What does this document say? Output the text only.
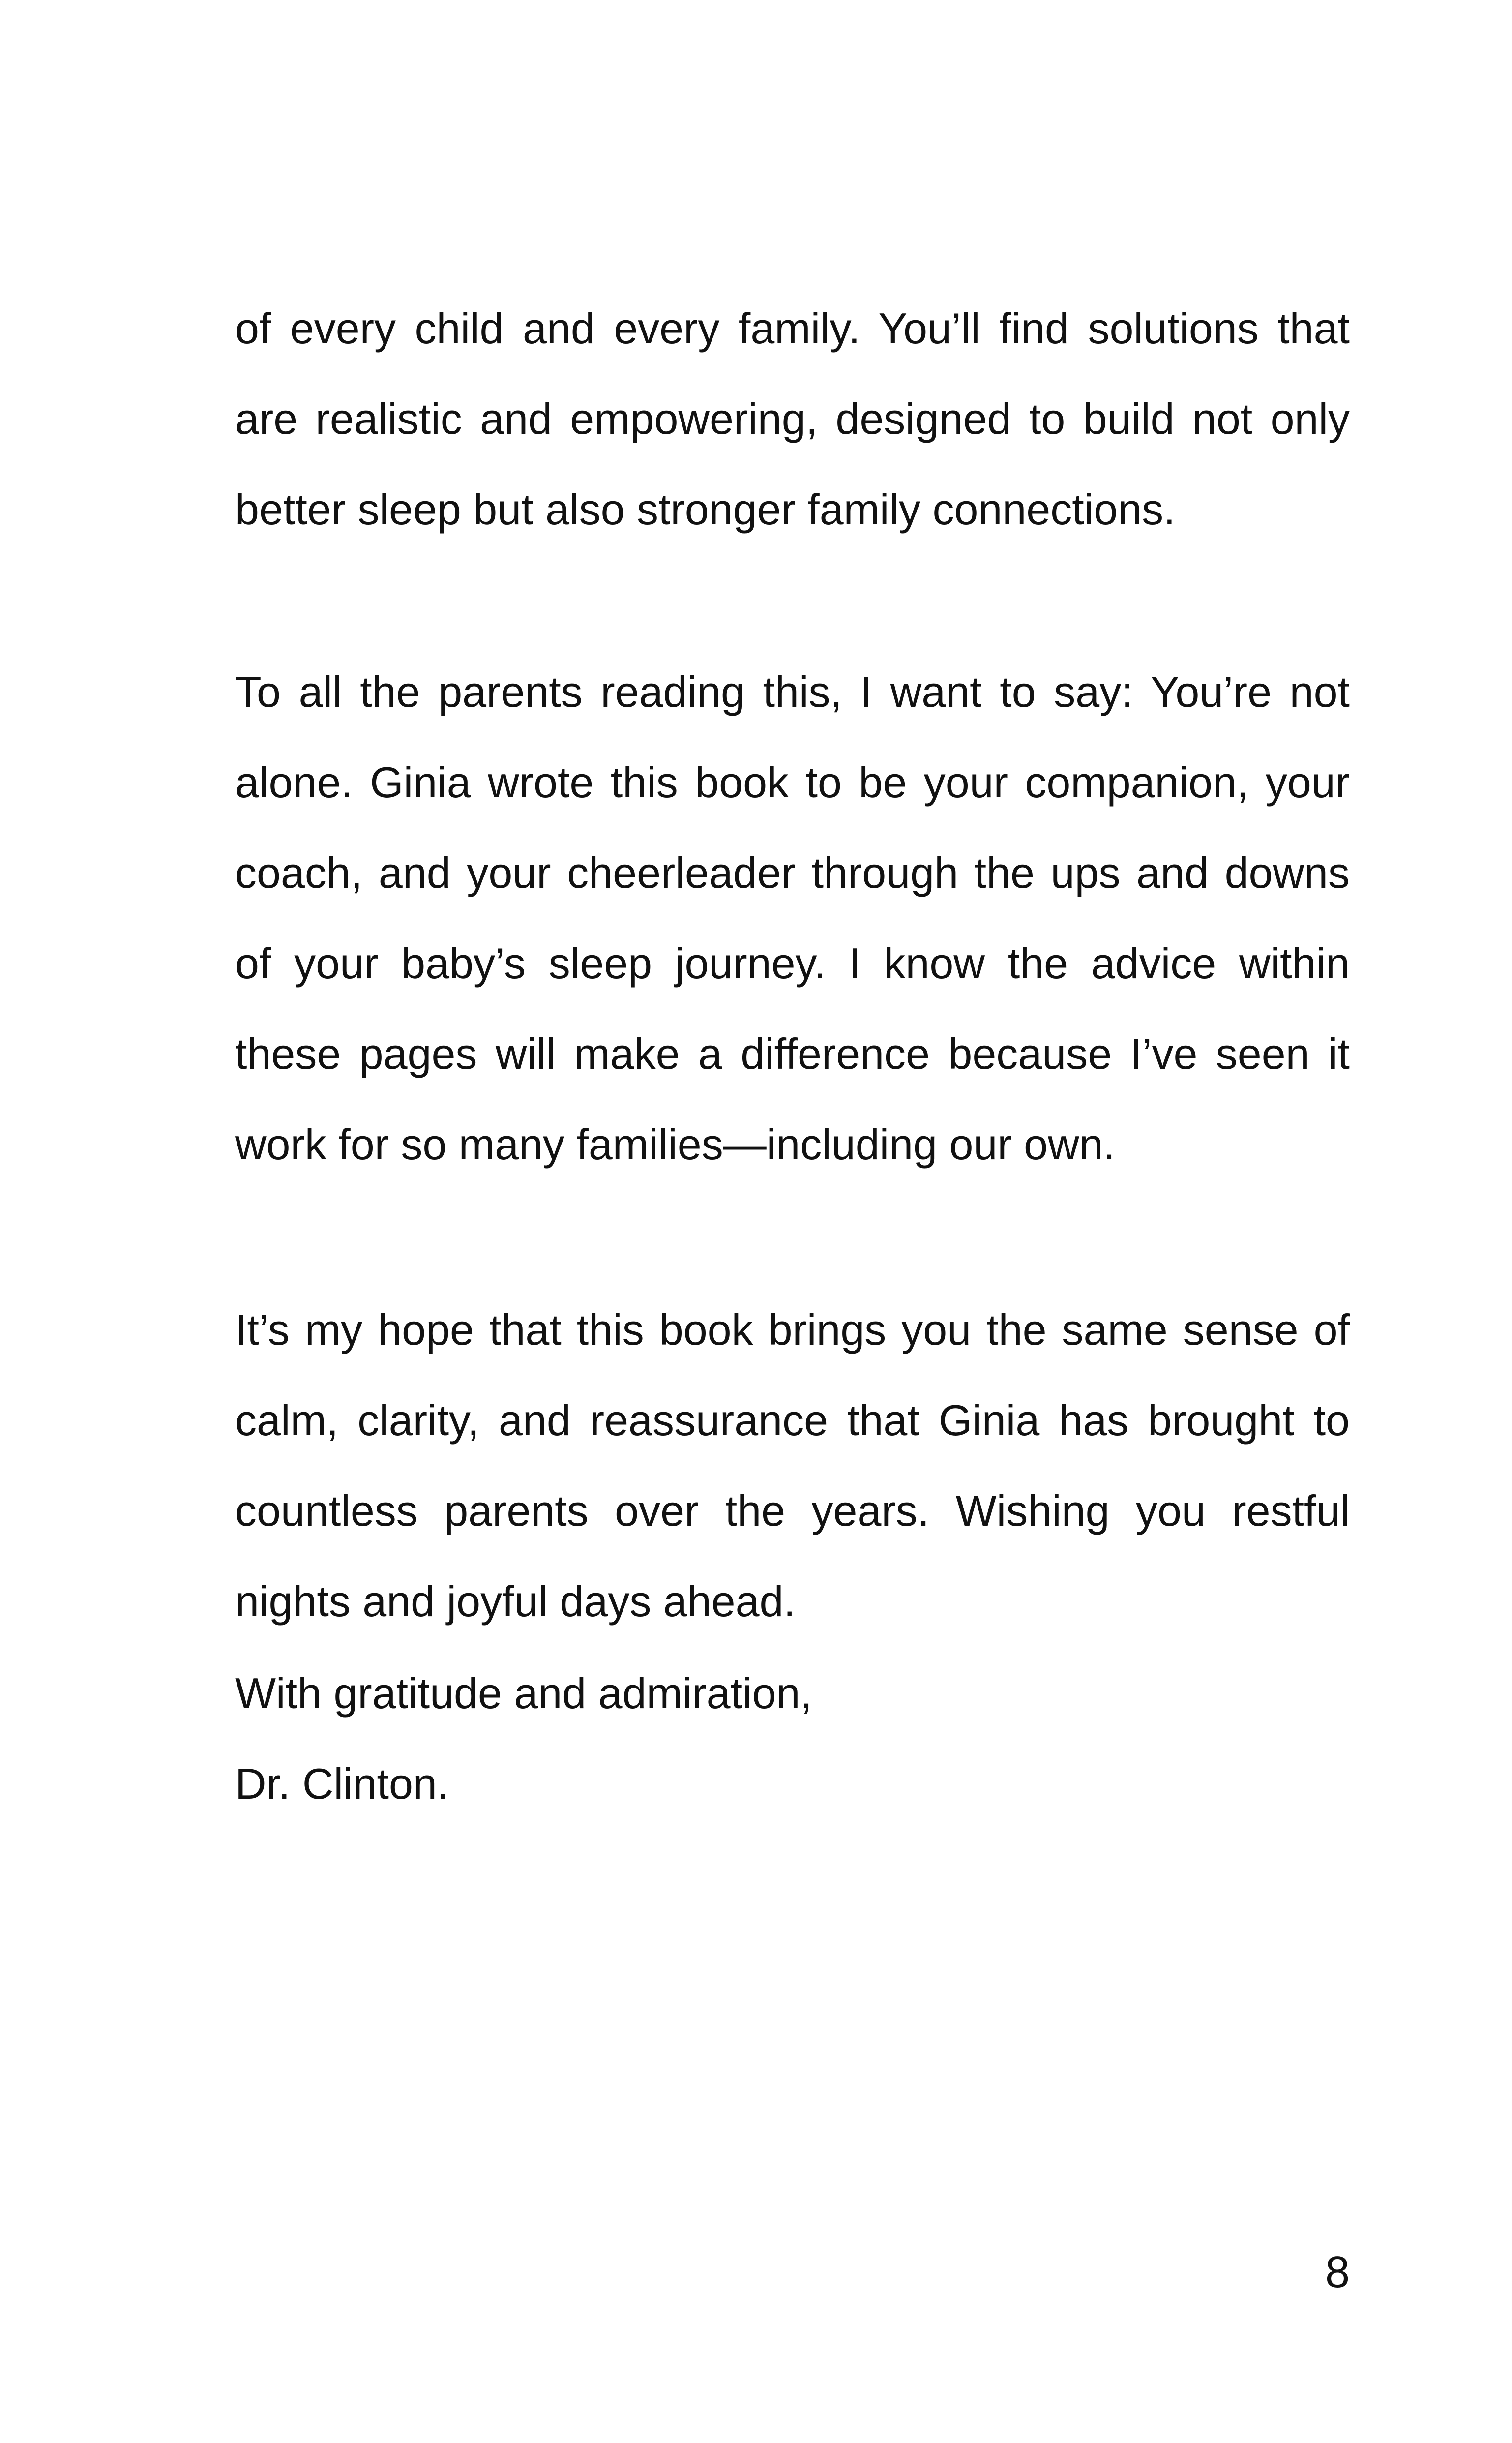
of every child and every family. You’ll find solutions that are realistic and empowering, designed to build not only better sleep but also stronger family connections.

To all the parents reading this, I want to say: You’re not alone. Ginia wrote this book to be your companion, your coach, and your cheerleader through the ups and downs of your baby’s sleep journey. I know the advice within these pages will make a difference because I’ve seen it work for so many families—including our own.

It’s my hope that this book brings you the same sense of calm, clarity, and reassurance that Ginia has brought to countless parents over the years. Wishing you restful nights and joyful days ahead.

With gratitude and admiration,
Dr. Clinton.
8
